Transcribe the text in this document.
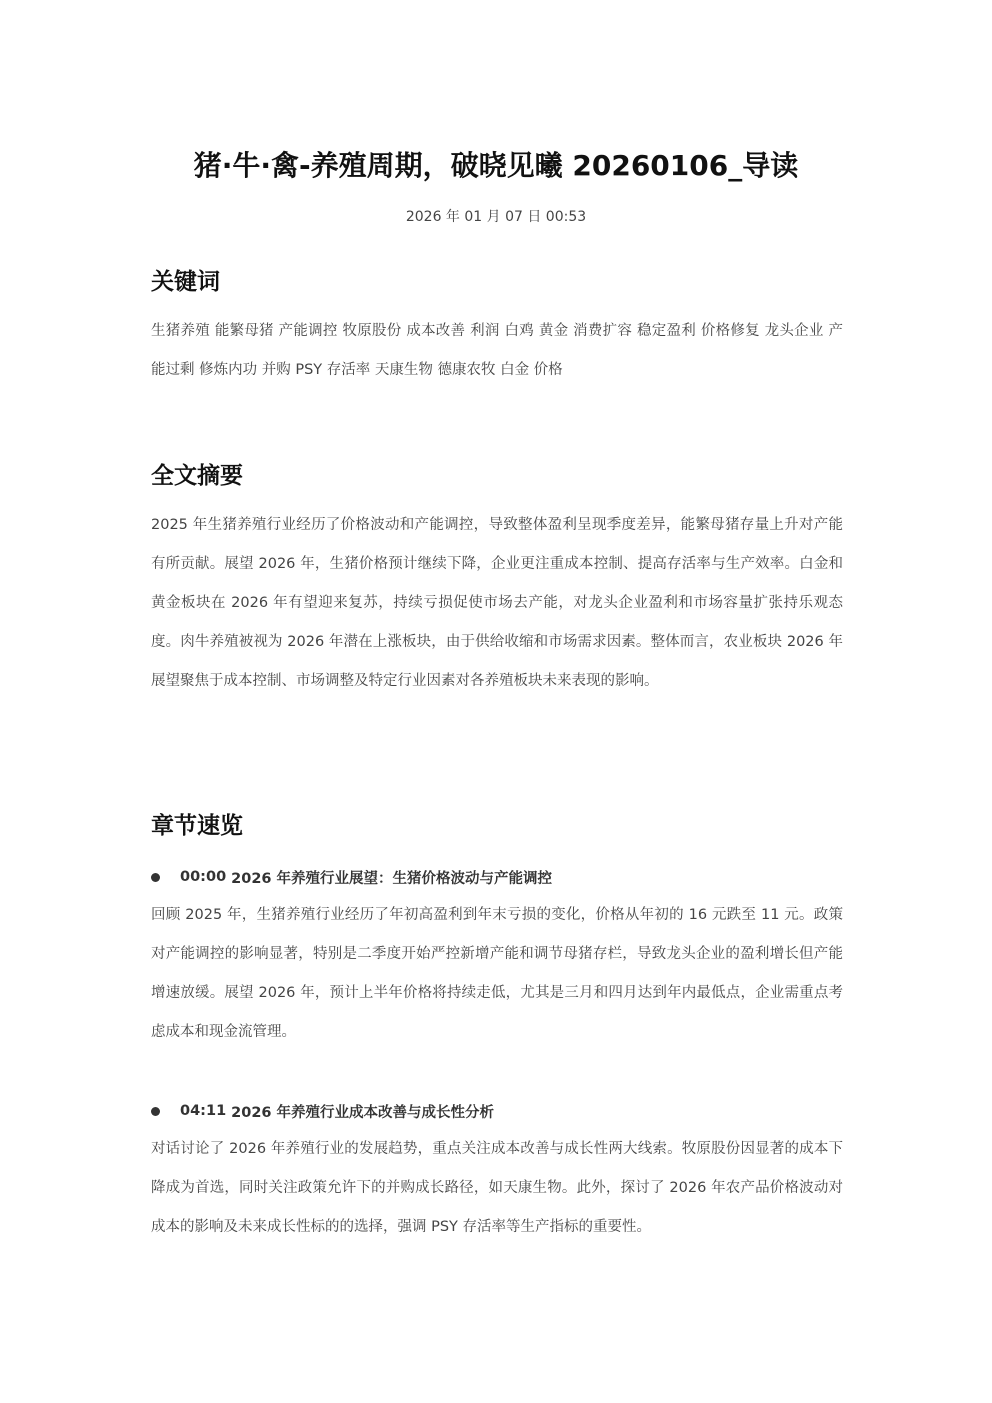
猪·牛·禽-养殖周期，破晓见曦 20260106_导读
2026 年 01 月 07 日 00:53
关键词

生猪养殖 能繁母猪 产能调控 牧原股份 成本改善 利润 白鸡 黄金 消费扩容 稳定盈利 价格修复 龙头企业 产能过剩 修炼内功 并购 PSY 存活率 天康生物 德康农牧 白金 价格

全文摘要

2025 年生猪养殖行业经历了价格波动和产能调控，导致整体盈利呈现季度差异，能繁母猪存量上升对产能有所贡献。展望 2026 年，生猪价格预计继续下降，企业更注重成本控制、提高存活率与生产效率。白金和黄金板块在 2026 年有望迎来复苏，持续亏损促使市场去产能，对龙头企业盈利和市场容量扩张持乐观态度。肉牛养殖被视为 2026 年潜在上涨板块，由于供给收缩和市场需求因素。整体而言，农业板块 2026 年展望聚焦于成本控制、市场调整及特定行业因素对各养殖板块未来表现的影响。

章节速览
00:00 2026 年养殖行业展望：生猪价格波动与产能调控

回顾 2025 年，生猪养殖行业经历了年初高盈利到年末亏损的变化，价格从年初的 16 元跌至 11 元。政策对产能调控的影响显著，特别是二季度开始严控新增产能和调节母猪存栏，导致龙头企业的盈利增长但产能增速放缓。展望 2026 年，预计上半年价格将持续走低，尤其是三月和四月达到年内最低点，企业需重点考虑成本和现金流管理。

04:11 2026 年养殖行业成本改善与成长性分析

对话讨论了 2026 年养殖行业的发展趋势，重点关注成本改善与成长性两大线索。牧原股份因显著的成本下降成为首选，同时关注政策允许下的并购成长路径，如天康生物。此外，探讨了 2026 年农产品价格波动对成本的影响及未来成长性标的的选择，强调 PSY 存活率等生产指标的重要性。
